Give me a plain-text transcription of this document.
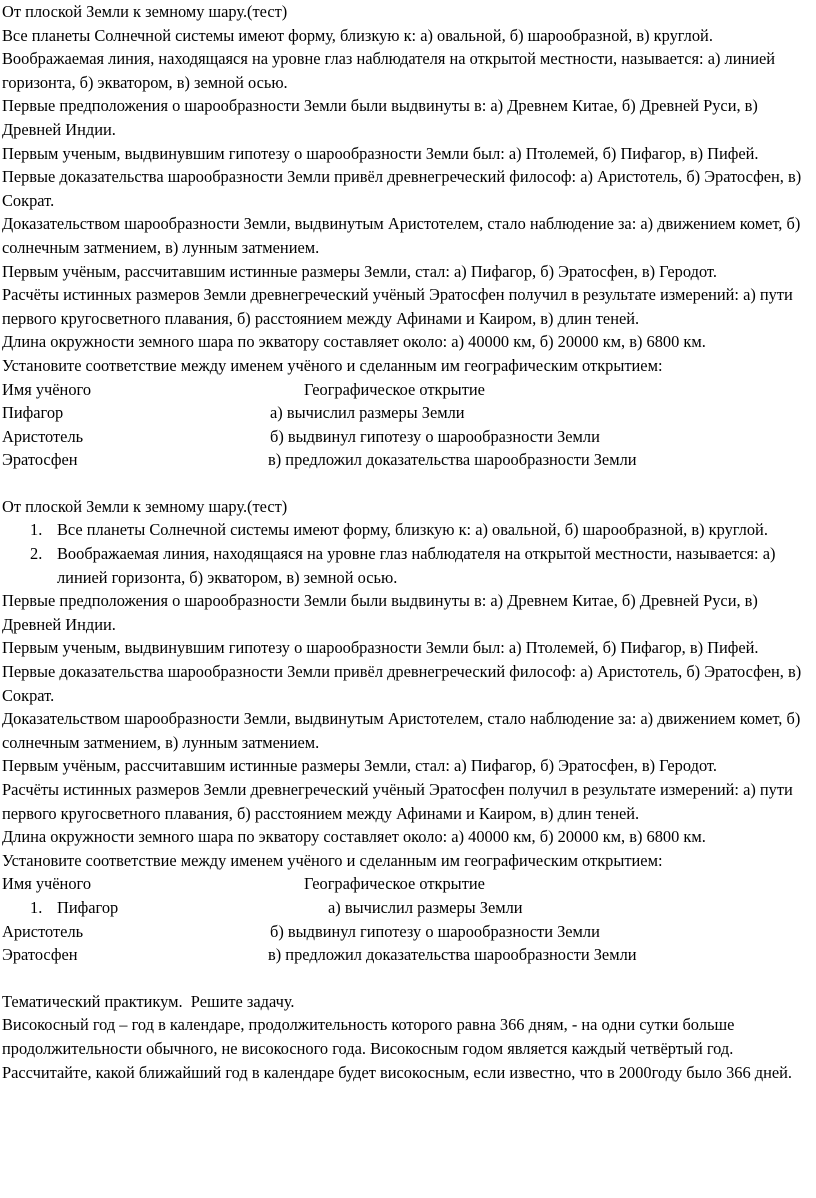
От плоской Земли к земному шару.(тест)

Все планеты Солнечной системы имеют форму, близкую к: а) овальной, б) шарообразной, в) круглой.

Воображаемая линия, находящаяся на уровне глаз наблюдателя на открытой местности, называется: а) линией горизонта, б) экватором, в) земной осью.

Первые предположения о шарообразности Земли были выдвинуты в: а) Древнем Китае, б) Древней Руси, в) Древней Индии.

Первым ученым, выдвинувшим гипотезу о шарообразности Земли был: а) Птолемей, б) Пифагор, в) Пифей.

Первые доказательства шарообразности Земли привёл древнегреческий философ: а) Аристотель, б) Эратосфен, в) Сократ.

Доказательством шарообразности Земли, выдвинутым Аристотелем, стало наблюдение за: а) движением комет, б) солнечным затмением, в) лунным затмением.

Первым учёным, рассчитавшим истинные размеры Земли, стал: а) Пифагор, б) Эратосфен, в) Геродот.

Расчёты истинных размеров Земли древнегреческий учёный Эратосфен получил в результате измерений: а) пути первого кругосветного плавания, б) расстоянием между Афинами и Каиром, в) длин теней.

Длина окружности земного шара по экватору составляет около: а) 40000 км, б) 20000 км, в) 6800 км.

Установите соответствие между именем учёного и сделанным им географическим открытием:

Имя учёного	Географическое открытие
Пифагор	а) вычислил размеры Земли
Аристотель	б) выдвинул гипотезу о шарообразности Земли
Эратосфен	в) предложил доказательства шарообразности Земли

От плоской Земли к земному шару.(тест)

1. Все планеты Солнечной системы имеют форму, близкую к: а) овальной, б) шарообразной, в) круглой.
2. Воображаемая линия, находящаяся на уровне глаз наблюдателя на открытой местности, называется: а) линией горизонта, б) экватором, в) земной осью.

Первые предположения о шарообразности Земли были выдвинуты в: а) Древнем Китае, б) Древней Руси, в) Древней Индии.

Первым ученым, выдвинувшим гипотезу о шарообразности Земли был: а) Птолемей, б) Пифагор, в) Пифей.

Первые доказательства шарообразности Земли привёл древнегреческий философ: а) Аристотель, б) Эратосфен, в) Сократ.

Доказательством шарообразности Земли, выдвинутым Аристотелем, стало наблюдение за: а) движением комет, б) солнечным затмением, в) лунным затмением.

Первым учёным, рассчитавшим истинные размеры Земли, стал: а) Пифагор, б) Эратосфен, в) Геродот.

Расчёты истинных размеров Земли древнегреческий учёный Эратосфен получил в результате измерений: а) пути первого кругосветного плавания, б) расстоянием между Афинами и Каиром, в) длин теней.

Длина окружности земного шара по экватору составляет около: а) 40000 км, б) 20000 км, в) 6800 км.

Установите соответствие между именем учёного и сделанным им географическим открытием:

Имя учёного	Географическое открытие
1. Пифагор	а) вычислил размеры Земли
Аристотель	б) выдвинул гипотезу о шарообразности Земли
Эратосфен	в) предложил доказательства шарообразности Земли

Тематический практикум.  Решите задачу.

Високосный год – год в календаре, продолжительность которого равна 366 дням, - на одни сутки больше продолжительности обычного, не високосного года. Високосным годом является каждый четвёртый год. Рассчитайте, какой ближайший год в календаре будет високосным, если известно, что в 2000году было 366 дней.
